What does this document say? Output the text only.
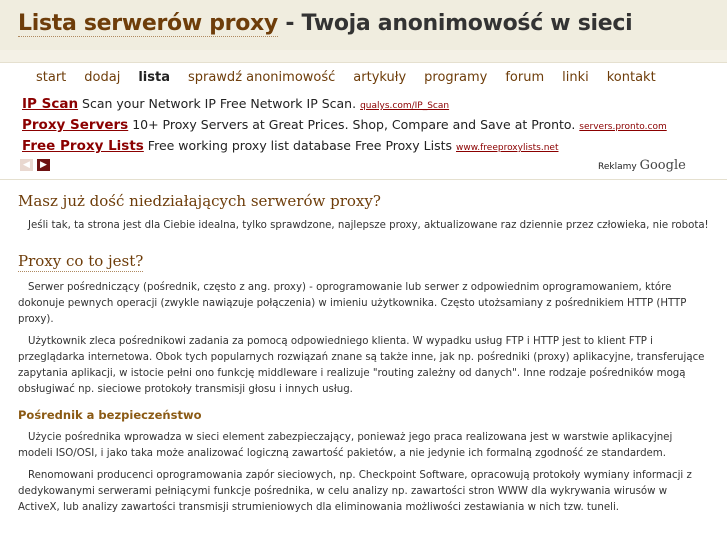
Lista serwerów proxy - Twoja anonimowość w sieci
start dodaj lista sprawdź anonimowość artykuły programy forum linki kontakt
IP Scan Scan your Network IP Free Network IP Scan. qualys.com/IP_Scan
Proxy Servers 10+ Proxy Servers at Great Prices. Shop, Compare and Save at Pronto. servers.pronto.com
Free Proxy Lists Free working proxy list database Free Proxy Lists www.freeproxylists.net
◀	▶	Reklamy Google
Masz już dość niedziałających serwerów proxy?

Jeśli tak, ta strona jest dla Ciebie idealna, tylko sprawdzone, najlepsze proxy, aktualizowane raz dziennie przez człowieka, nie robota!

Proxy co to jest?

Serwer pośredniczący (pośrednik, często z ang. proxy) - oprogramowanie lub serwer z odpowiednim oprogramowaniem, które dokonuje pewnych operacji (zwykle nawiązuje połączenia) w imieniu użytkownika. Często utożsamiany z pośrednikiem HTTP (HTTP proxy).

Użytkownik zleca pośrednikowi zadania za pomocą odpowiedniego klienta. W wypadku usług FTP i HTTP jest to klient FTP i przeglądarka internetowa. Obok tych popularnych rozwiązań znane są także inne, jak np. pośredniki (proxy) aplikacyjne, transferujące zapytania aplikacji, w istocie pełni ono funkcję middleware i realizuje "routing zależny od danych". Inne rodzaje pośredników mogą obsługiwać np. sieciowe protokoły transmisji głosu i innych usług.

Pośrednik a bezpieczeństwo

Użycie pośrednika wprowadza w sieci element zabezpieczający, ponieważ jego praca realizowana jest w warstwie aplikacyjnej modeli ISO/OSI, i jako taka może analizować logiczną zawartość pakietów, a nie jedynie ich formalną zgodność ze standardem.

Renomowani producenci oprogramowania zapór sieciowych, np. Checkpoint Software, opracowują protokoły wymiany informacji z dedykowanymi serwerami pełniącymi funkcje pośrednika, w celu analizy np. zawartości stron WWW dla wykrywania wirusów w ActiveX, lub analizy zawartości transmisji strumieniowych dla eliminowania możliwości zestawiania w nich tzw. tuneli.
